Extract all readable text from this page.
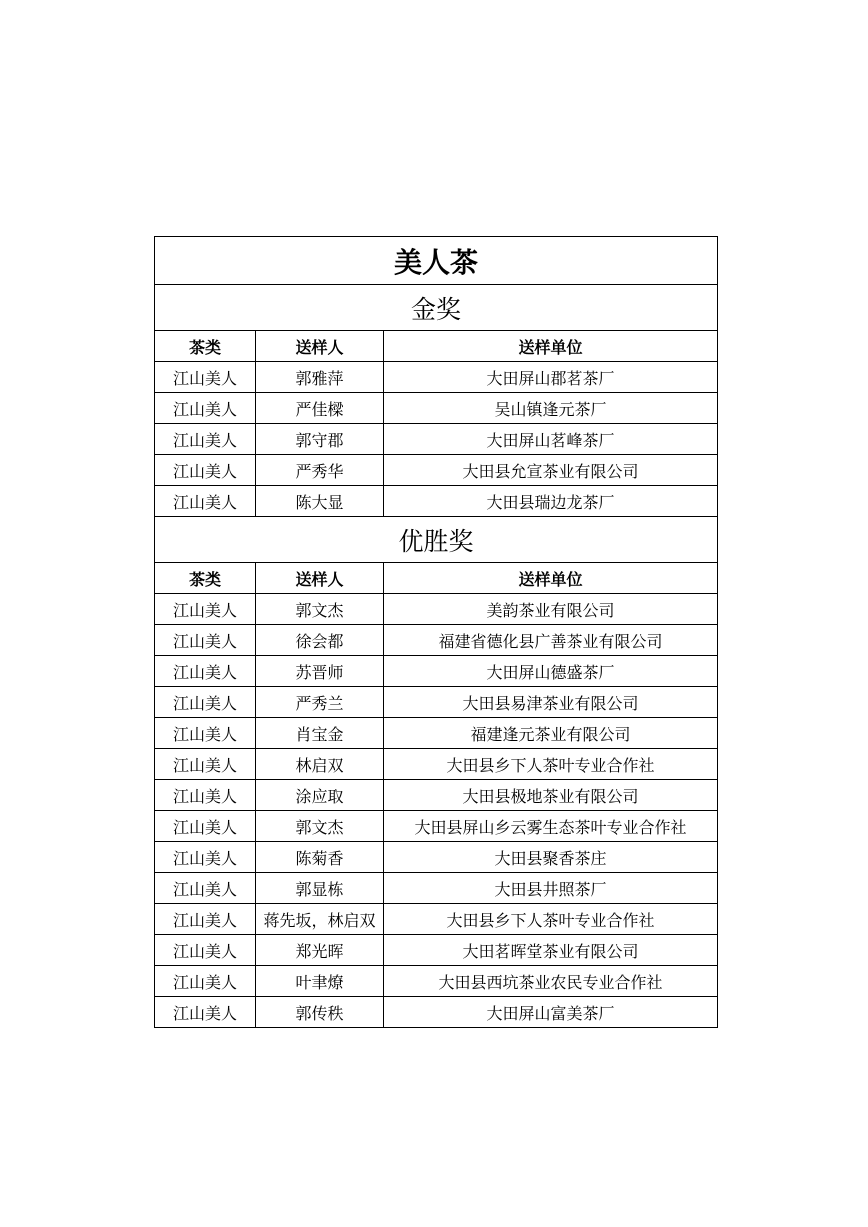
美人茶		
金奖		
茶类	送样人	送样单位
江山美人	郭雅萍	大田屏山郡茗茶厂
江山美人	严佳樑	吴山镇逢元茶厂
江山美人	郭守郡	大田屏山茗峰茶厂
江山美人	严秀华	大田县允宣茶业有限公司
江山美人	陈大显	大田县瑞边龙茶厂
优胜奖		
茶类	送样人	送样单位
江山美人	郭文杰	美韵茶业有限公司
江山美人	徐会都	福建省德化县广善茶业有限公司
江山美人	苏晋师	大田屏山德盛茶厂
江山美人	严秀兰	大田县易津茶业有限公司
江山美人	肖宝金	福建逢元茶业有限公司
江山美人	林启双	大田县乡下人茶叶专业合作社
江山美人	涂应取	大田县极地茶业有限公司
江山美人	郭文杰	大田县屏山乡云雾生态茶叶专业合作社
江山美人	陈菊香	大田县聚香茶庄
江山美人	郭显栋	大田县井照茶厂
江山美人	蒋先坂，林启双	大田县乡下人茶叶专业合作社
江山美人	郑光晖	大田茗晖堂茶业有限公司
江山美人	叶聿燎	大田县西坑茶业农民专业合作社
江山美人	郭传秩	大田屏山富美茶厂
